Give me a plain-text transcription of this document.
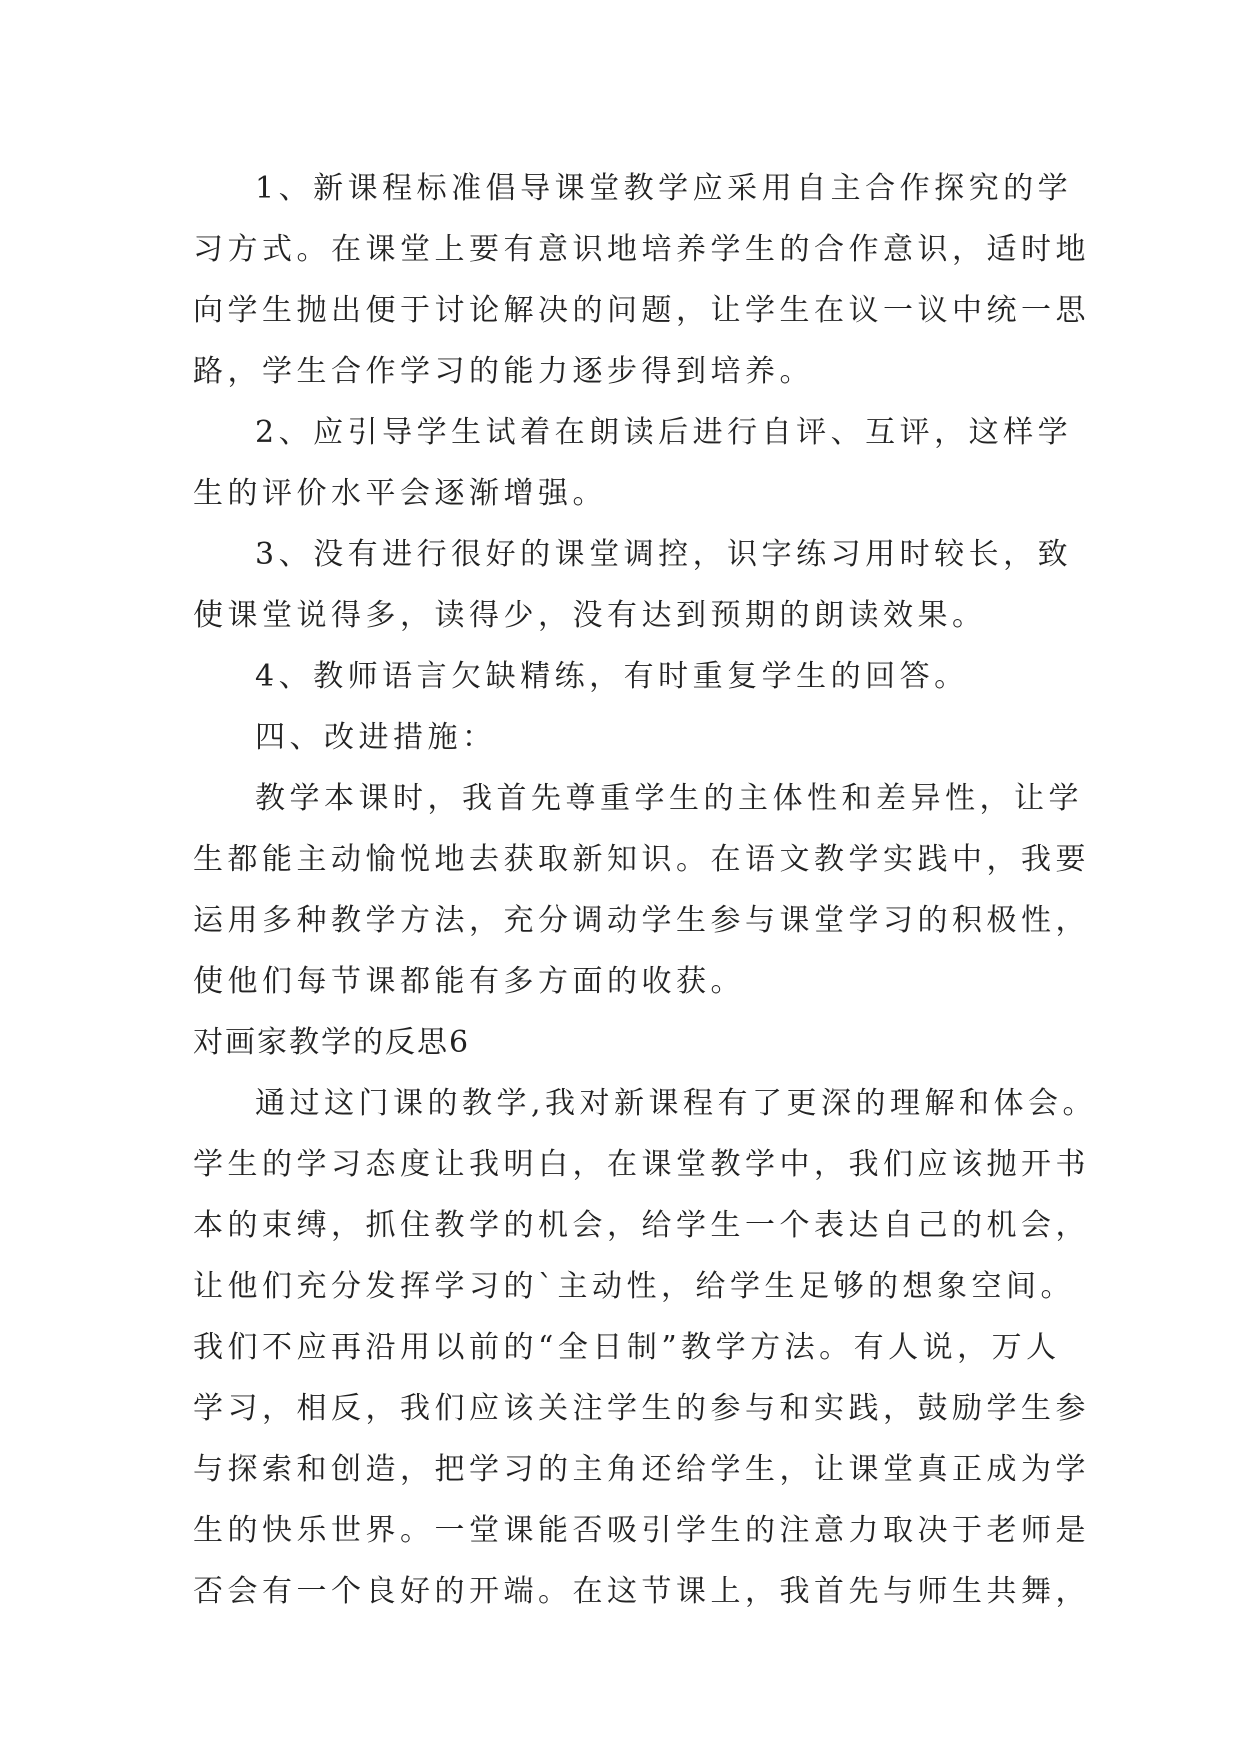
1、新课程标准倡导课堂教学应采用自主合作探究的学
习方式。在课堂上要有意识地培养学生的合作意识，适时地
向学生抛出便于讨论解决的问题，让学生在议一议中统一思
路，学生合作学习的能力逐步得到培养。
2、应引导学生试着在朗读后进行自评、互评，这样学
生的评价水平会逐渐增强。
3、没有进行很好的课堂调控，识字练习用时较长，致
使课堂说得多，读得少，没有达到预期的朗读效果。
4、教师语言欠缺精练，有时重复学生的回答。
四、改进措施：
教学本课时，我首先尊重学生的主体性和差异性，让学
生都能主动愉悦地去获取新知识。在语文教学实践中，我要
运用多种教学方法，充分调动学生参与课堂学习的积极性，
使他们每节课都能有多方面的收获。
对画家教学的反思6
通过这门课的教学,我对新课程有了更深的理解和体会。
学生的学习态度让我明白，在课堂教学中，我们应该抛开书
本的束缚，抓住教学的机会，给学生一个表达自己的机会，
让他们充分发挥学习的`主动性，给学生足够的想象空间。
我们不应再沿用以前的“全日制”教学方法。有人说，万人
学习，相反，我们应该关注学生的参与和实践，鼓励学生参
与探索和创造，把学习的主角还给学生，让课堂真正成为学
生的快乐世界。一堂课能否吸引学生的注意力取决于老师是
否会有一个良好的开端。在这节课上，我首先与师生共舞，
